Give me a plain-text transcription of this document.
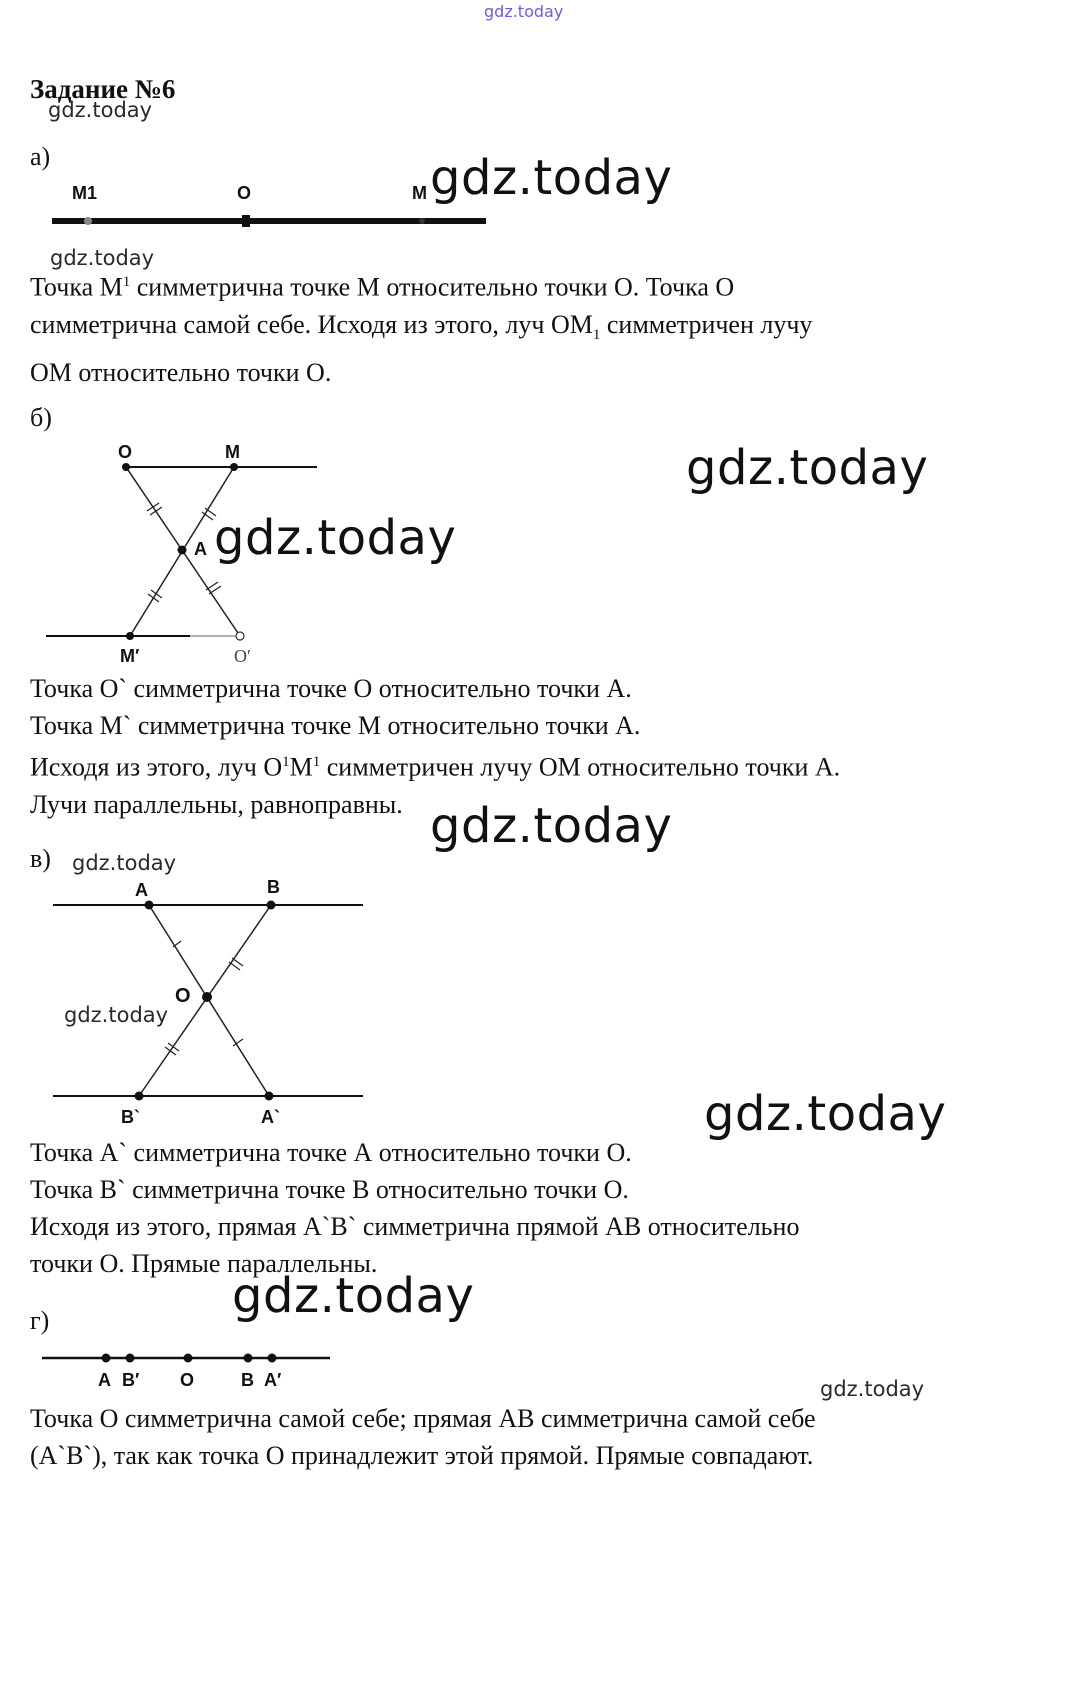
gdz.today
gdz.today
gdz.today
gdz.today
gdz.today
gdz.today
gdz.today
gdz.today
gdz.today
gdz.today
gdz.today
gdz.today
Задание №6
а)
M1	O	M
Точка $М^1$ симметрична точке М относительно точки О. Точка О
симметрична самой себе. Исходя из этого, луч $ОМ_1$ симметричен лучу
ОМ относительно точки О.
б)
O	M
A
M′	O′
Точка О` симметрична точке О относительно точки А.
Точка М` симметрична точке М относительно точки А.
Исходя из этого, луч $О^1М^1$ симметричен лучу ОМ относительно точки А.
Лучи параллельны, равноправны.
в)
A	B
O
B`	A`
Точка А` симметрична точке А относительно точки О.
Точка В` симметрична точке В относительно точки О.
Исходя из этого, прямая А`В` симметрична прямой АВ относительно
точки О. Прямые параллельны.
г)
A B′ O	B A′
Точка О симметрична самой себе; прямая АВ симметрична самой себе
(А`В`), так как точка О принадлежит этой прямой. Прямые совпадают.
